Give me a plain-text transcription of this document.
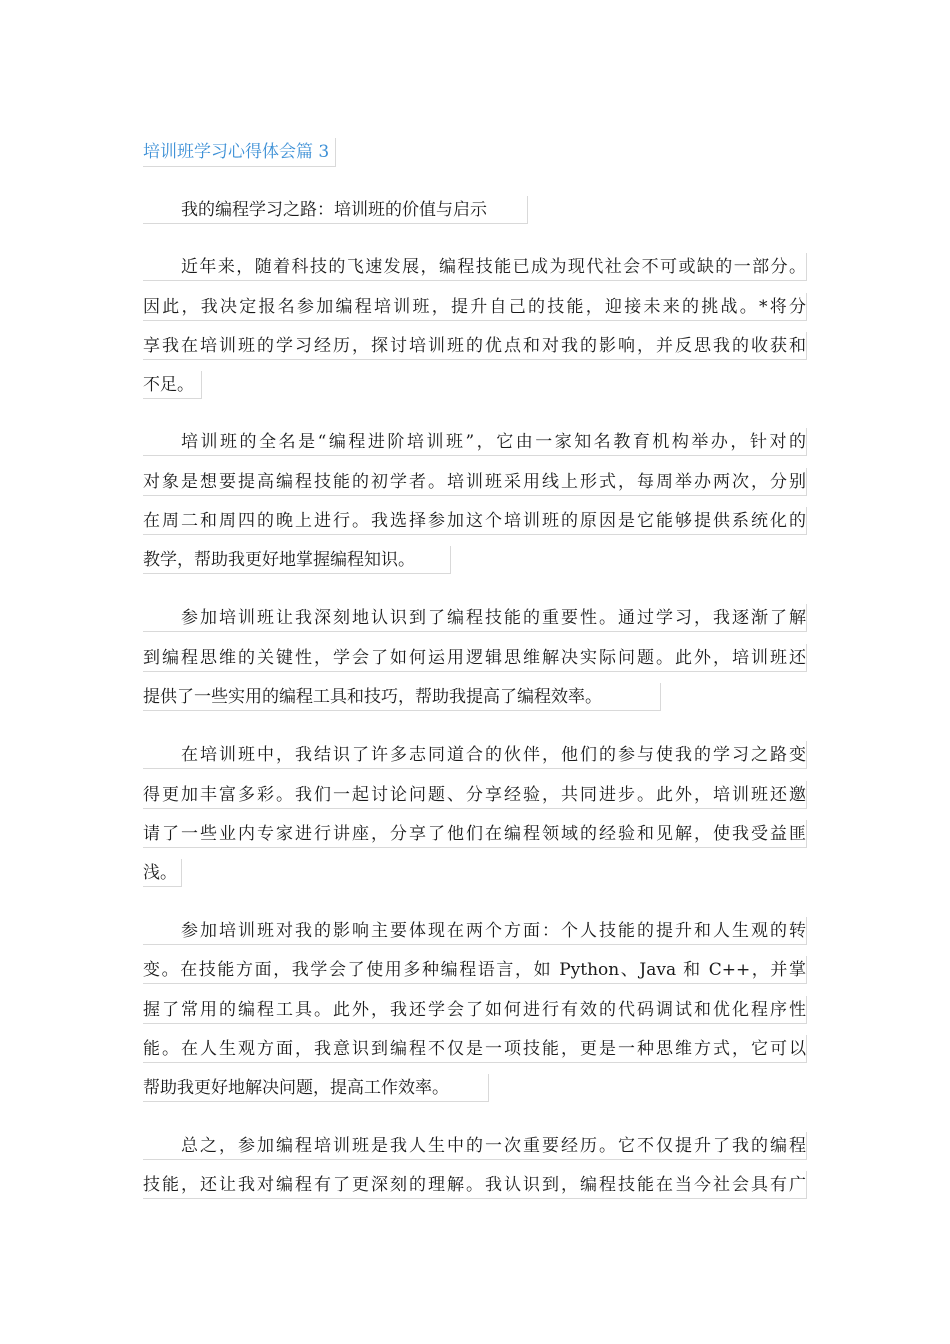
培训班学习心得体会篇 3
我的编程学习之路：培训班的价值与启示
近年来，随着科技的飞速发展，编程技能已成为现代社会不可或缺的一部分。
因此，我决定报名参加编程培训班，提升自己的技能，迎接未来的挑战。*将分
享我在培训班的学习经历，探讨培训班的优点和对我的影响，并反思我的收获和
不足。
培训班的全名是“编程进阶培训班”，它由一家知名教育机构举办，针对的
对象是想要提高编程技能的初学者。培训班采用线上形式，每周举办两次，分别
在周二和周四的晚上进行。我选择参加这个培训班的原因是它能够提供系统化的
教学，帮助我更好地掌握编程知识。
参加培训班让我深刻地认识到了编程技能的重要性。通过学习，我逐渐了解
到编程思维的关键性，学会了如何运用逻辑思维解决实际问题。此外，培训班还
提供了一些实用的编程工具和技巧，帮助我提高了编程效率。
在培训班中，我结识了许多志同道合的伙伴，他们的参与使我的学习之路变
得更加丰富多彩。我们一起讨论问题、分享经验，共同进步。此外，培训班还邀
请了一些业内专家进行讲座，分享了他们在编程领域的经验和见解，使我受益匪
浅。
参加培训班对我的影响主要体现在两个方面：个人技能的提升和人生观的转
变。在技能方面，我学会了使用多种编程语言，如 Python、Java 和 C++，并掌
握了常用的编程工具。此外，我还学会了如何进行有效的代码调试和优化程序性
能。在人生观方面，我意识到编程不仅是一项技能，更是一种思维方式，它可以
帮助我更好地解决问题，提高工作效率。
总之，参加编程培训班是我人生中的一次重要经历。它不仅提升了我的编程
技能，还让我对编程有了更深刻的理解。我认识到，编程技能在当今社会具有广
